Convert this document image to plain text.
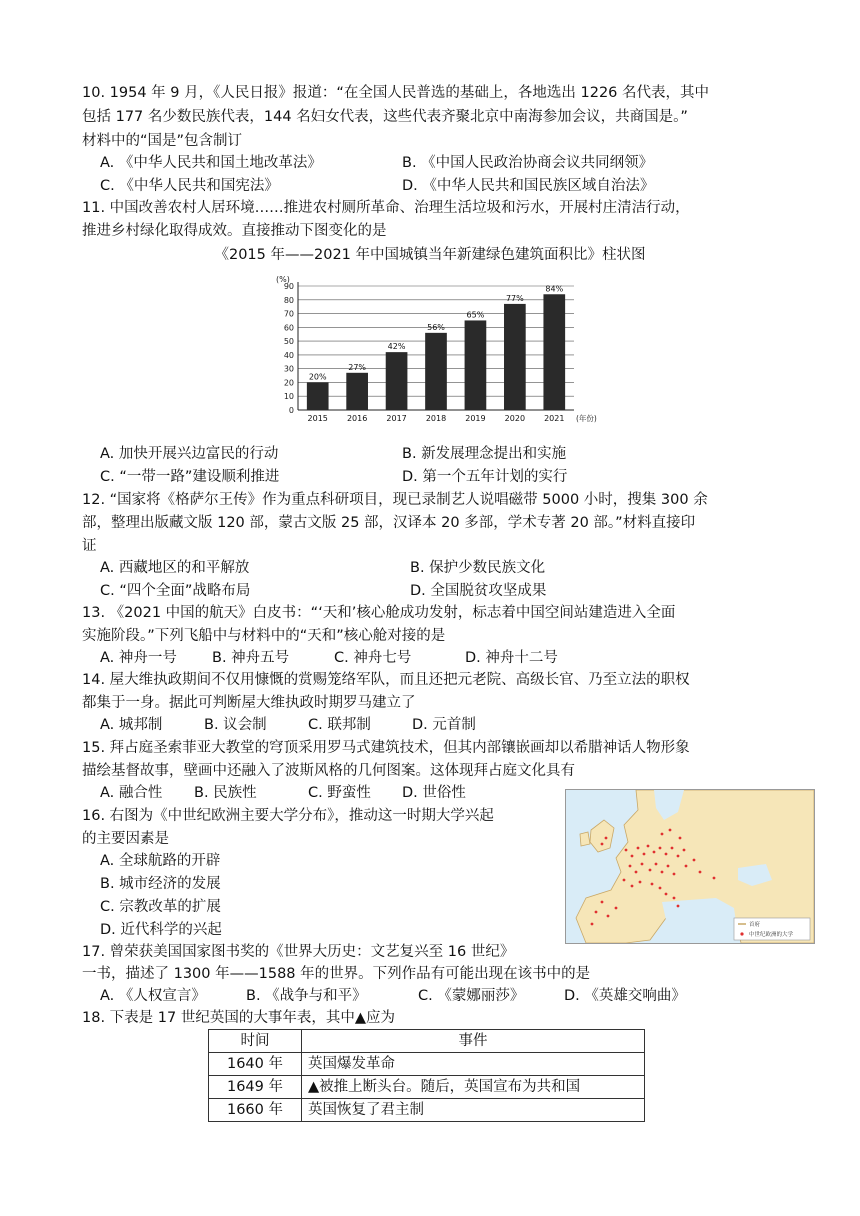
10. 1954 年 9 月，《人民日报》报道：“在全国人民普选的基础上，各地选出 1226 名代表，其中
包括 177 名少数民族代表，144 名妇女代表，这些代表齐聚北京中南海参加会议，共商国是。”
材料中的“国是”包含制订
A. 《中华人民共和国土地改革法》	B. 《中国人民政治协商会议共同纲领》
C. 《中华人民共和国宪法》	D. 《中华人民共和国民族区域自治法》
11. 中国改善农村人居环境……推进农村厕所革命、治理生活垃圾和污水，开展村庄清洁行动，
推进乡村绿化取得成效。直接推动下图变化的是
《2015 年——2021 年中国城镇当年新建绿色建筑面积比》柱状图
0
10
20
30
40
50
60
70
80
90
(%)
20%
2015
27%
2016
42%
2017
56%
2018
65%
2019
77%
2020
84%
2021 (年份)
A. 加快开展兴边富民的行动	B. 新发展理念提出和实施
C. “一带一路”建设顺利推进	D. 第一个五年计划的实行
12. “国家将《格萨尔王传》作为重点科研项目，现已录制艺人说唱磁带 5000 小时，搜集 300 余
部，整理出版藏文版 120 部，蒙古文版 25 部，汉译本 20 多部，学术专著 20 部。”材料直接印
证
A. 西藏地区的和平解放	B. 保护少数民族文化
C. “四个全面”战略布局	D. 全国脱贫攻坚成果
13. 《2021 中国的航天》白皮书：“‘天和’核心舱成功发射，标志着中国空间站建造进入全面
实施阶段。”下列飞船中与材料中的“天和”核心舱对接的是
A. 神舟一号 B. 神舟五号	C. 神舟七号	D. 神舟十二号
14. 屋大维执政期间不仅用慷慨的赏赐笼络军队，而且还把元老院、高级长官、乃至立法的职权
都集于一身。据此可判断屋大维执政时期罗马建立了
A. 城邦制	B. 议会制	C. 联邦制	D. 元首制
15. 拜占庭圣索菲亚大教堂的穹顶采用罗马式建筑技术，但其内部镶嵌画却以希腊神话人物形象
描绘基督故事，壁画中还融入了波斯风格的几何图案。这体现拜占庭文化具有
A. 融合性 B. 民族性	C. 野蛮性 D. 世俗性
16. 右图为《中世纪欧洲主要大学分布》，推动这一时期大学兴起
的主要因素是
A. 全球航路的开辟
B. 城市经济的发展
C. 宗教改革的扩展
D. 近代科学的兴起	首府
中世纪欧洲的大学
17. 曾荣获美国国家图书奖的《世界大历史：文艺复兴至 16 世纪》
一书，描述了 1300 年——1588 年的世界。下列作品有可能出现在该书中的是
A. 《人权宣言》	B. 《战争与和平》	C. 《蒙娜丽莎》	D. 《英雄交响曲》
18. 下表是 17 世纪英国的大事年表，其中▲应为
时间	事件
1640 年	英国爆发革命
1649 年	▲被推上断头台。随后，英国宣布为共和国
1660 年	英国恢复了君主制
